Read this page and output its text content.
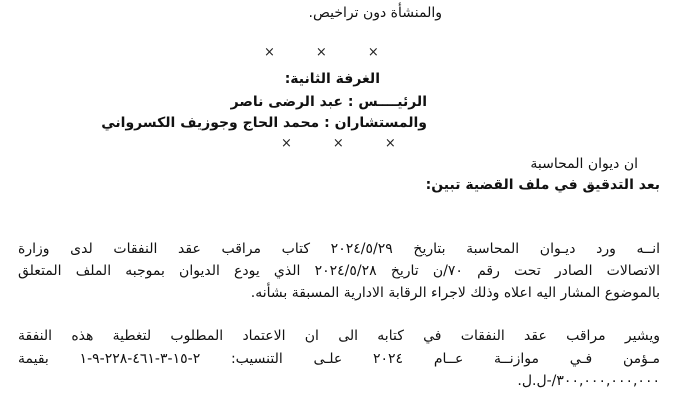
والمنشأة دون تراخيص.
×	×	×
الغرفة الثانية:
الرئيــــس : عبد الرضى ناصر
والمستشاران : محمد الحاج وجوزيف الكسرواني
×	×	×
ان ديوان المحاسبة
بعد التدقيق في ملف القضية تبين:
انــه ورد ديـوان المحاسبة بتاريخ ٢٠٢٤/٥/٢٩ كتاب مراقب عقد النفقات لدى وزارة
الاتصالات الصادر تحت رقم ٧٠/ن تاريخ ٢٠٢٤/٥/٢٨ الذي يودع الديوان بموجبه الملف المتعلق
بالموضوع المشار اليه اعلاه وذلك لاجراء الرقابة الادارية المسبقة بشأنه.
ويشير مراقب عقد النفقات في كتابه الى ان الاعتماد المطلوب لتغطية هذه النفقة
مـؤمن فـي موازنــة عــام ٢٠٢٤ علـى التنسيب: ٢-١٥-٣-٤٦١-٢٢٨-٩-١ بقيمة
٣٠٠,٠٠٠,٠٠٠,٠٠٠/-ل.ل.
